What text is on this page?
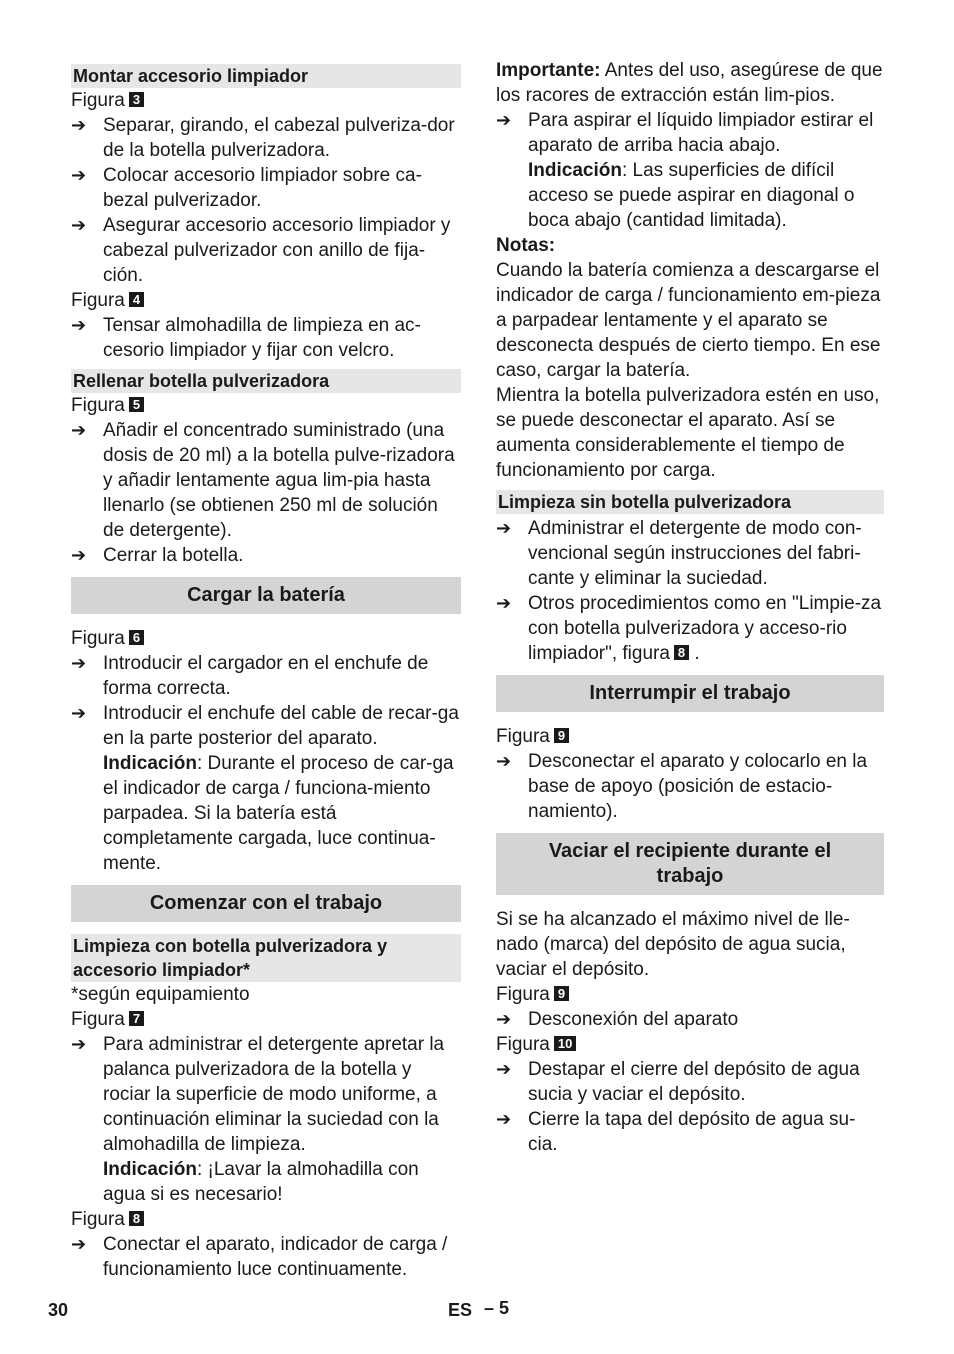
Montar accesorio limpiador

Figura 3

➔ Separar, girando, el cabezal pulveriza-dor de la botella pulverizadora.
➔ Colocar accesorio limpiador sobre ca-bezal pulverizador.
➔ Asegurar accesorio accesorio limpiador y cabezal pulverizador con anillo de fija-ción.

Figura 4

➔ Tensar almohadilla de limpieza en ac-cesorio limpiador y fijar con velcro.
Rellenar botella pulverizadora

Figura 5

➔ Añadir el concentrado suministrado (una dosis de 20 ml) a la botella pulve-rizadora y añadir lentamente agua lim-pia hasta llenarlo (se obtienen 250 ml de solución de detergente).
➔ Cerrar la botella.
Cargar la batería

Figura 6

➔ Introducir el cargador en el enchufe de forma correcta.
➔ Introducir el enchufe del cable de recar-ga en la parte posterior del aparato.
Indicación: Durante el proceso de car-ga el indicador de carga / funciona-miento parpadea. Si la batería está completamente cargada, luce continua-mente.
Comenzar con el trabajo
Limpieza con botella pulverizadora y accesorio limpiador*

*según equipamiento

Figura 7

➔ Para administrar el detergente apretar la palanca pulverizadora de la botella y rociar la superficie de modo uniforme, a continuación eliminar la suciedad con la almohadilla de limpieza.
Indicación: ¡Lavar la almohadilla con agua si es necesario!

Figura 8

➔ Conectar el aparato, indicador de carga / funcionamiento luce continuamente.

Importante: Antes del uso, asegúrese de que los racores de extracción están lim-pios.

➔ Para aspirar el líquido limpiador estirar el aparato de arriba hacia abajo.
Indicación: Las superficies de difícil acceso se puede aspirar en diagonal o boca abajo (cantidad limitada).

Notas:

Cuando la batería comienza a descargarse el indicador de carga / funcionamiento em-pieza a parpadear lentamente y el aparato se desconecta después de cierto tiempo. En ese caso, cargar la batería.

Mientra la botella pulverizadora estén en uso, se puede desconectar el aparato. Así se aumenta considerablemente el tiempo de funcionamiento por carga.

Limpieza sin botella pulverizadora
➔ Administrar el detergente de modo con-vencional según instrucciones del fabri-cante y eliminar la suciedad.
➔ Otros procedimientos como en "Limpie-za con botella pulverizadora y acceso-rio limpiador", figura 8 .
Interrumpir el trabajo

Figura 9

➔ Desconectar el aparato y colocarlo en la base de apoyo (posición de estacio-namiento).
Vaciar el recipiente durante el trabajo

Si se ha alcanzado el máximo nivel de lle-nado (marca) del depósito de agua sucia, vaciar el depósito.

Figura 9

➔ Desconexión del aparato

Figura 10

➔ Destapar el cierre del depósito de agua sucia y vaciar el depósito.
➔ Cierre la tapa del depósito de agua su-cia.
30	ES – 5
